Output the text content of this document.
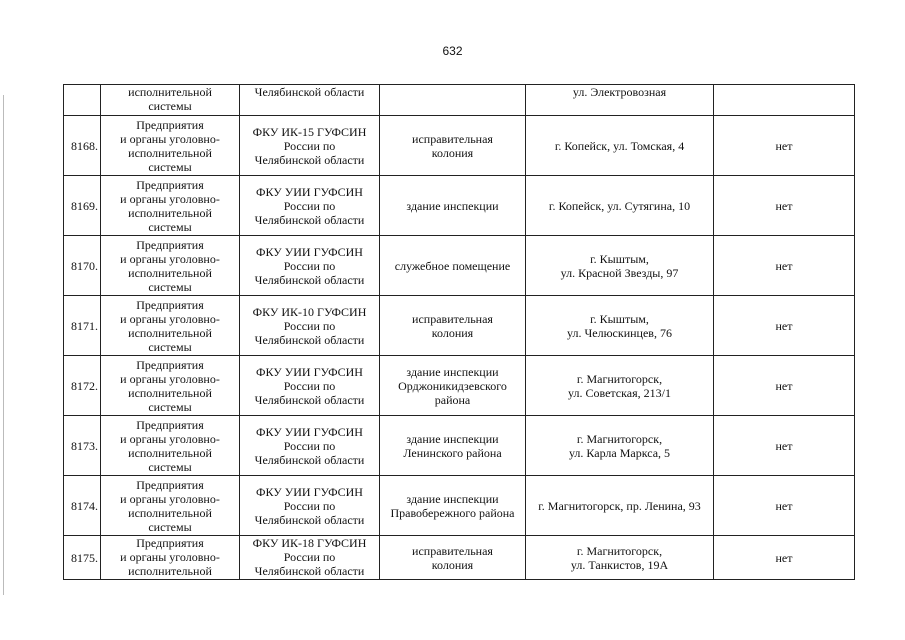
632

	исполнительной
системы	Челябинской области		ул. Электровозная	

8168.	Предприятия
и органы уголовно-
исполнительной
системы	ФКУ ИК-15 ГУФСИН
России по
Челябинской области	исправительная
колония	г. Копейск, ул. Томская, 4	нет
8169.	Предприятия
и органы уголовно-
исполнительной
системы	ФКУ УИИ ГУФСИН
России по
Челябинской области	здание инспекции	г. Копейск, ул. Сутягина, 10	нет
8170.	Предприятия
и органы уголовно-
исполнительной
системы	ФКУ УИИ ГУФСИН
России по
Челябинской области	служебное помещение	г. Кыштым,
ул. Красной Звезды, 97	нет
8171.	Предприятия
и органы уголовно-
исполнительной
системы	ФКУ ИК-10 ГУФСИН
России по
Челябинской области	исправительная
колония	г. Кыштым,
ул. Челюскинцев, 76	нет
8172.	Предприятия
и органы уголовно-
исполнительной
системы	ФКУ УИИ ГУФСИН
России по
Челябинской области	здание инспекции
Орджоникидзевского
района	г. Магнитогорск,
ул. Советская, 213/1	нет
8173.	Предприятия
и органы уголовно-
исполнительной
системы	ФКУ УИИ ГУФСИН
России по
Челябинской области	здание инспекции
Ленинского района	г. Магнитогорск,
ул. Карла Маркса, 5	нет
8174.	Предприятия
и органы уголовно-
исполнительной
системы	ФКУ УИИ ГУФСИН
России по
Челябинской области	здание инспекции
Правобережного района	г. Магнитогорск, пр. Ленина, 93	нет
8175.	Предприятия
и органы уголовно-
исполнительной	ФКУ ИК-18 ГУФСИН
России по
Челябинской области	исправительная
колония	г. Магнитогорск,
ул. Танкистов, 19А	нет
